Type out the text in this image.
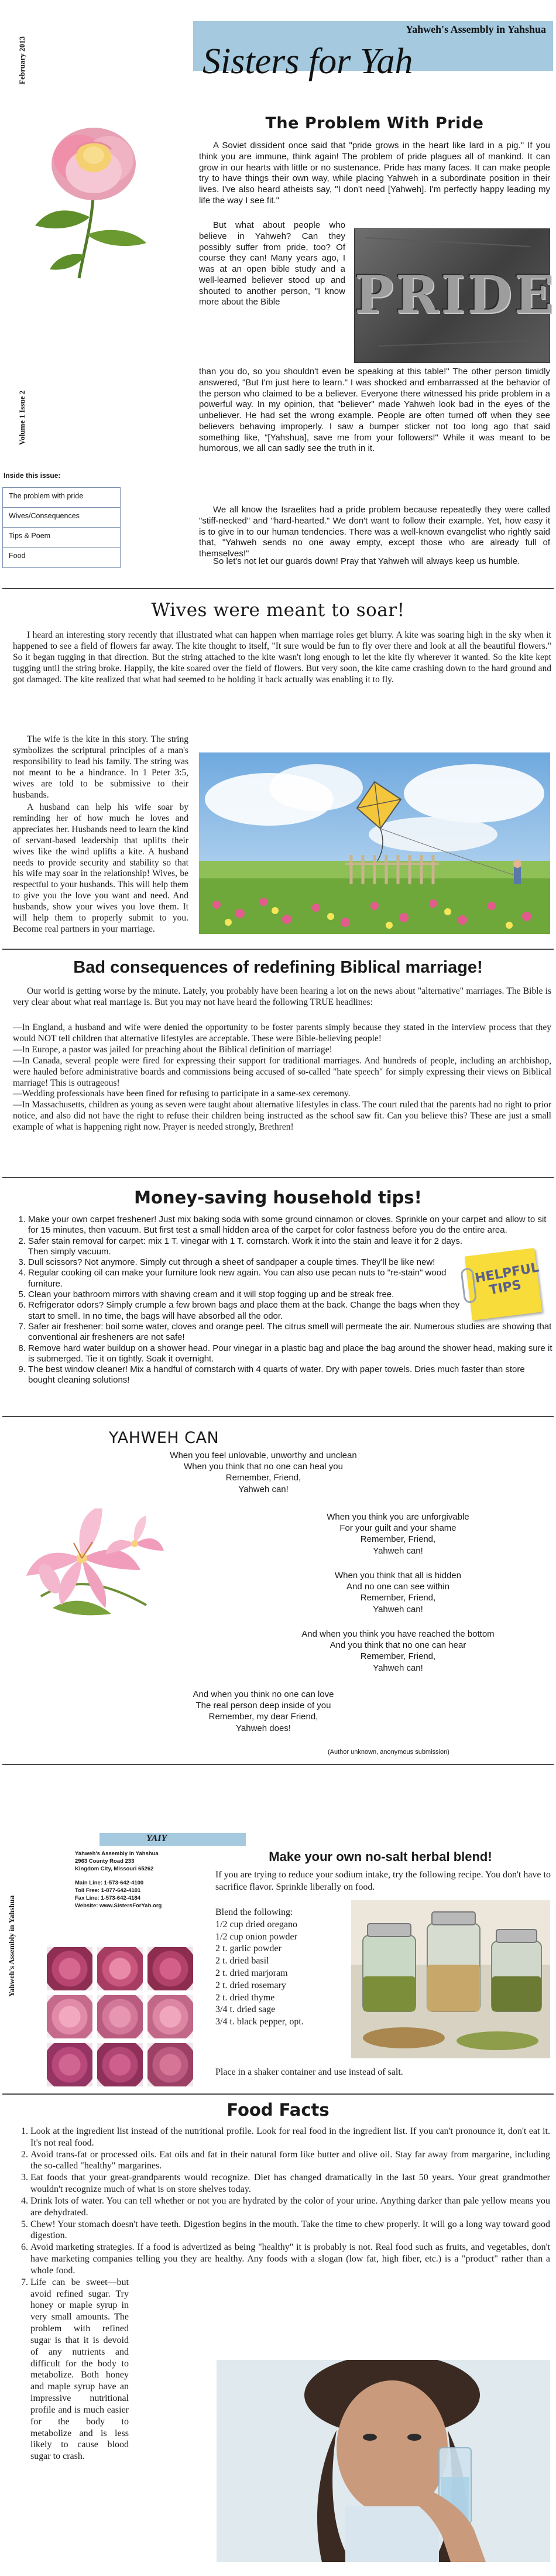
February 2013
Yahweh's Assembly in Yahshua
Sisters for Yah
Volume 1 Issue 2
Inside this issue:
The problem with pride
Wives/Consequences
Tips & Poem
Food
The Problem With Pride
A Soviet dissident once said that "pride grows in the heart like lard in a pig." If you think you are immune, think again! The problem of pride plagues all of mankind. It can grow in our hearts with little or no sustenance. Pride has many faces. It can make people try to have things their own way, while placing Yahweh in a subordinate position in their lives. I've also heard atheists say, "I don't need [Yahweh]. I'm perfectly happy leading my life the way I see fit."
But what about people who believe in Yahweh? Can they possibly suffer from pride, too? Of course they can! Many years ago, I was at an open bible study and a well-learned believer stood up and shouted to another person, "I know more about the Bible	PRIDE
than you do, so you shouldn't even be speaking at this table!" The other person timidly answered, "But I'm just here to learn." I was shocked and embarrassed at the behavior of the person who claimed to be a believer. Everyone there witnessed his pride problem in a powerful way. In my opinion, that "believer" made Yahweh look bad in the eyes of the unbeliever. He had set the wrong example. People are often turned off when they see believers behaving improperly. I saw a bumper sticker not too long ago that said something like, "[Yahshua], save me from your followers!" While it was meant to be humorous, we all can sadly see the truth in it.
We all know the Israelites had a pride problem because repeatedly they were called "stiff-necked" and "hard-hearted." We don't want to follow their example. Yet, how easy it is to give in to our human tendencies. There was a well-known evangelist who rightly said that, "Yahweh sends no one away empty, except those who are already full of themselves!"
So let's not let our guards down! Pray that Yahweh will always keep us humble.
Wives were meant to soar!
I heard an interesting story recently that illustrated what can happen when marriage roles get blurry. A kite was soaring high in the sky when it happened to see a field of flowers far away. The kite thought to itself, "It sure would be fun to fly over there and look at all the beautiful flowers." So it began tugging in that direction. But the string attached to the kite wasn't long enough to let the kite fly wherever it wanted. So the kite kept tugging until the string broke. Happily, the kite soared over the field of flowers. But very soon, the kite came crashing down to the hard ground and got damaged. The kite realized that what had seemed to be holding it back actually was enabling it to fly.
The wife is the kite in this story. The string symbolizes the scriptural principles of a man's responsibility to lead his family. The string was not meant to be a hindrance. In 1 Peter 3:5, wives are told to be submissive to their husbands.
A husband can help his wife soar by reminding her of how much he loves and appreciates her. Husbands need to learn the kind of servant-based leadership that uplifts their wives like the wind uplifts a kite. A husband needs to provide security and stability so that his wife may soar in the relationship! Wives, be respectful to your husbands. This will help them to give you the love you want and need. And husbands, show your wives you love them. It will help them to properly submit to you. Become real partners in your marriage.
Bad consequences of redefining Biblical marriage!
Our world is getting worse by the minute. Lately, you probably have been hearing a lot on the news about "alternative" marriages. The Bible is very clear about what real marriage is. But you may not have heard the following TRUE headlines:
—In England, a husband and wife were denied the opportunity to be foster parents simply because they stated in the interview process that they would NOT tell children that alternative lifestyles are acceptable. These were Bible-believing people!
—In Europe, a pastor was jailed for preaching about the Biblical definition of marriage!
—In Canada, several people were fired for expressing their support for traditional marriages. And hundreds of people, including an archbishop, were hauled before administrative boards and commissions being accused of so-called "hate speech" for simply expressing their views on Biblical marriage! This is outrageous!
—Wedding professionals have been fined for refusing to participate in a same-sex ceremony.
—In Massachusetts, children as young as seven were taught about alternative lifestyles in class. The court ruled that the parents had no right to prior notice, and also did not have the right to refuse their children being instructed as the school saw fit. Can you believe this? These are just a small example of what is happening right now. Prayer is needed strongly, Brethren!
Money-saving household tips!
1. Make your own carpet freshener! Just mix baking soda with some ground cinnamon or cloves. Sprinkle on your carpet and allow to sit for 15 minutes, then vacuum. But first test a small hidden area of the carpet for color fastness before you do the entire area.
2. Safer stain removal for carpet: mix 1 T. vinegar with 1 T. cornstarch. Work it into the stain and leave it for 2 days. Then simply vacuum.
3. Dull scissors? Not anymore. Simply cut through a sheet of sandpaper a couple times. They'll be like new!
4. Regular cooking oil can make your furniture look new again. You can also use pecan nuts to "re-stain" wood furniture.
5. Clean your bathroom mirrors with shaving cream and it will stop fogging up and be streak free.
6. Refrigerator odors? Simply crumple a few brown bags and place them at the back. Change the bags when they start to smell. In no time, the bags will have absorbed all the odor.
7. Safer air freshener: boil some water, cloves and orange peel. The citrus smell will permeate the air. Numerous studies are showing that conventional air fresheners are not safe!
8. Remove hard water buildup on a shower head. Pour vinegar in a plastic bag and place the bag around the shower head, making sure it is submerged. Tie it on tightly. Soak it overnight.
9. The best window cleaner! Mix a handful of cornstarch with 4 quarts of water. Dry with paper towels. Dries much faster than store bought cleaning solutions!
HELPFUL TIPS
YAHWEH CAN
When you feel unlovable, unworthy and unclean
When you think that no one can heal you
Remember, Friend,
Yahweh can!
When you think you are unforgivable
For your guilt and your shame
Remember, Friend,
Yahweh can!
When you think that all is hidden
And no one can see within
Remember, Friend,
Yahweh can!
And when you think you have reached the bottom
And you think that no one can hear
Remember, Friend,
Yahweh can!
And when you think no one can love
The real person deep inside of you
Remember, my dear Friend,
Yahweh does!
(Author unknown, anonymous submission)
Yahweh's Assembly in Yahshua
YAIY
Yahweh's Assembly in Yahshua
2963 County Road 233
Kingdom City, Missouri 65262
Main Line: 1-573-642-4100
Toll Free: 1-877-642-4101
Fax Line: 1-573-642-4184
Website: www.SistersForYah.org
Make your own no-salt herbal blend!
If you are trying to reduce your sodium intake, try the following recipe. You don't have to sacrifice flavor. Sprinkle liberally on food.
Blend the following:
1/2 cup dried oregano
1/2 cup onion powder
2 t. garlic powder
2 t. dried basil
2 t. dried marjoram
2 t. dried rosemary
2 t. dried thyme
3/4 t. dried sage
3/4 t. black pepper, opt.
Place in a shaker container and use instead of salt.
Food Facts
1. Look at the ingredient list instead of the nutritional profile. Look for real food in the ingredient list. If you can't pronounce it, don't eat it. It's not real food.
2. Avoid trans-fat or processed oils. Eat oils and fat in their natural form like butter and olive oil. Stay far away from margarine, including the so-called "healthy" margarines.
3. Eat foods that your great-grandparents would recognize. Diet has changed dramatically in the last 50 years. Your great grandmother wouldn't recognize much of what is on store shelves today.
4. Drink lots of water. You can tell whether or not you are hydrated by the color of your urine. Anything darker than pale yellow means you are dehydrated.
5. Chew! Your stomach doesn't have teeth. Digestion begins in the mouth. Take the time to chew properly. It will go a long way toward good digestion.
6. Avoid marketing strategies. If a food is advertized as being "healthy" it is probably is not. Real food such as fruits, and vegetables, don't have marketing companies telling you they are healthy. Any foods with a slogan (low fat, high fiber, etc.) is a "product" rather than a whole food.
7. Life can be sweet—but avoid refined sugar. Try honey or maple syrup in very small amounts. The problem with refined sugar is that it is devoid of any nutrients and difficult for the body to metabolize. Both honey and maple syrup have an impressive nutritional profile and is much easier for the body to metabolize and is less likely to cause blood sugar to crash.
